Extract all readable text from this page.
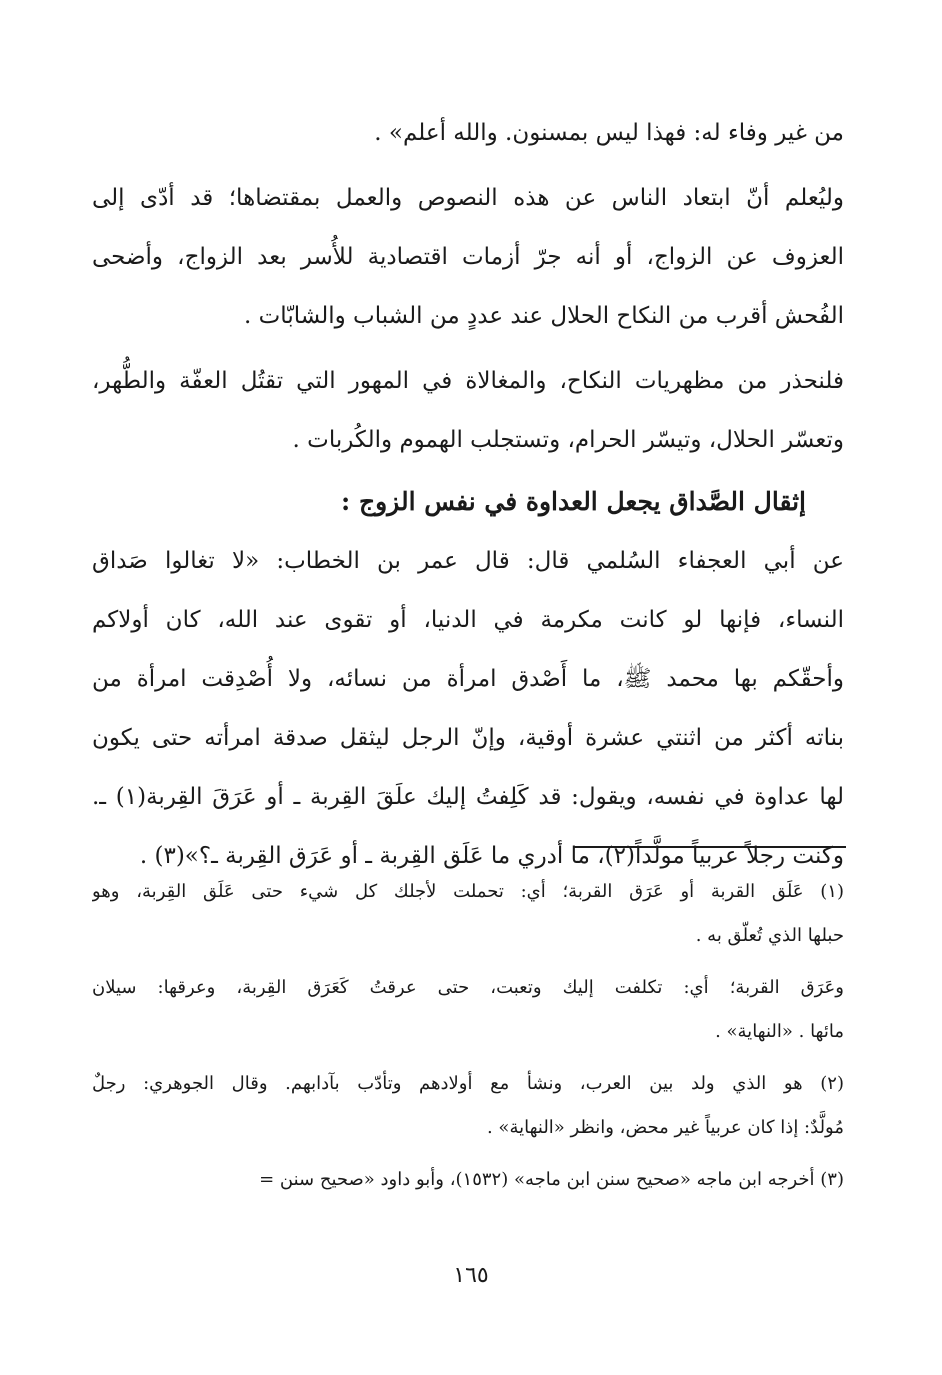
من غير وفاء له: فهذا ليس بمسنون. والله أعلم» .
وليُعلم أنّ ابتعاد الناس عن هذه النصوص والعمل بمقتضاها؛ قد أدّى إلى
العزوف عن الزواج، أو أنه جرّ أزمات اقتصادية للأُسر بعد الزواج، وأضحى
الفُحش أقرب من النكاح الحلال عند عددٍ من الشباب والشابّات .
فلنحذر من مظهريات النكاح، والمغالاة في المهور التي تقتُل العفّة والطُّهر،
وتعسّر الحلال، وتيسّر الحرام، وتستجلب الهموم والكُربات .
إثقال الصَّداق يجعل العداوة في نفس الزوج :
عن أبي العجفاء السُلمي قال: قال عمر بن الخطاب: «لا تغالوا صَداق
النساء، فإنها لو كانت مكرمة في الدنيا، أو تقوى عند الله، كان أولاكم
وأحقّكم بها محمد ﷺ، ما أَصْدق امرأة من نسائه، ولا أُصْدِقت امرأة من
بناته أكثر من اثنتي عشرة أوقية، وإنّ الرجل ليثقل صدقة امرأته حتى يكون
لها عداوة في نفسه، ويقول: قد كَلِفتُ إليك علَقَ القِربة ـ أو عَرَقَ القِربة(١) ـ.
وكنت رجلاً عربياً مولَّداً(٢)، ما أدري ما عَلَق القِربة ـ أو عَرَق القِربة ـ؟»(٣) .
(١) عَلَق القربة أو عَرَق القربة؛ أي: تحملت لأجلك كل شيء حتى عَلَق القِربة، وهو
حبلها الذي تُعلّق به .
وعَرَق القربة؛ أي: تكلفت إليك وتعبت، حتى عرقتُ كَعَرَق القِربة، وعرقها: سيلان
مائها . «النهاية» .
(٢) هو الذي ولد بين العرب، ونشأ مع أولادهم وتأدّب بآدابهم. وقال الجوهري: رجلٌ
مُولَّدٌ: إذا كان عربياً غير محض، وانظر «النهاية» .
(٣) أخرجه ابن ماجه «صحيح سنن ابن ماجه» (١٥٣٢)، وأبو داود «صحيح سنن =
١٦٥
